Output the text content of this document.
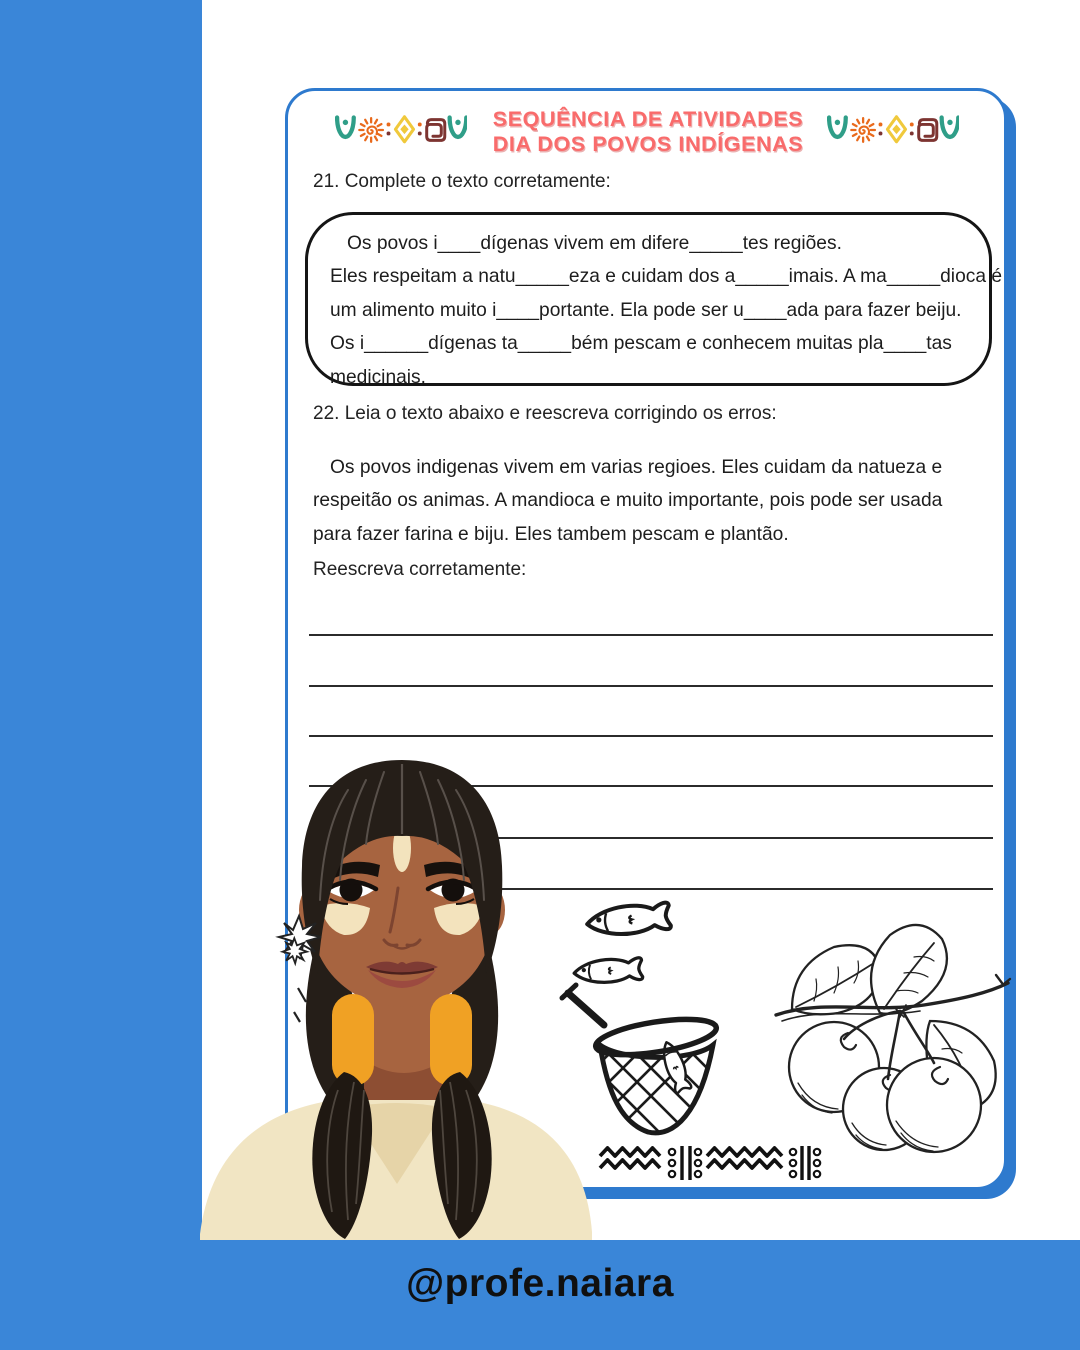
SEQUÊNCIA DE ATIVIDADES
DIA DOS POVOS INDÍGENAS
21. Complete o texto corretamente:
Os povos i____dígenas vivem em difere_____tes regiões.
Eles respeitam a natu_____eza e cuidam dos a_____imais. A ma_____dioca é
um alimento muito i____portante. Ela pode ser u____ada para fazer beiju.
Os i______dígenas ta_____bém pescam e conhecem muitas pla____tas
medicinais.
22. Leia o texto abaixo e reescreva corrigindo os erros:
Os povos indigenas vivem em varias regioes. Eles cuidam da natueza e
respeitão os animas. A mandioca e muito importante, pois pode ser usada
para fazer farina e biju. Eles tambem pescam e plantão.
Reescreva corretamente:
@profe.naiara
